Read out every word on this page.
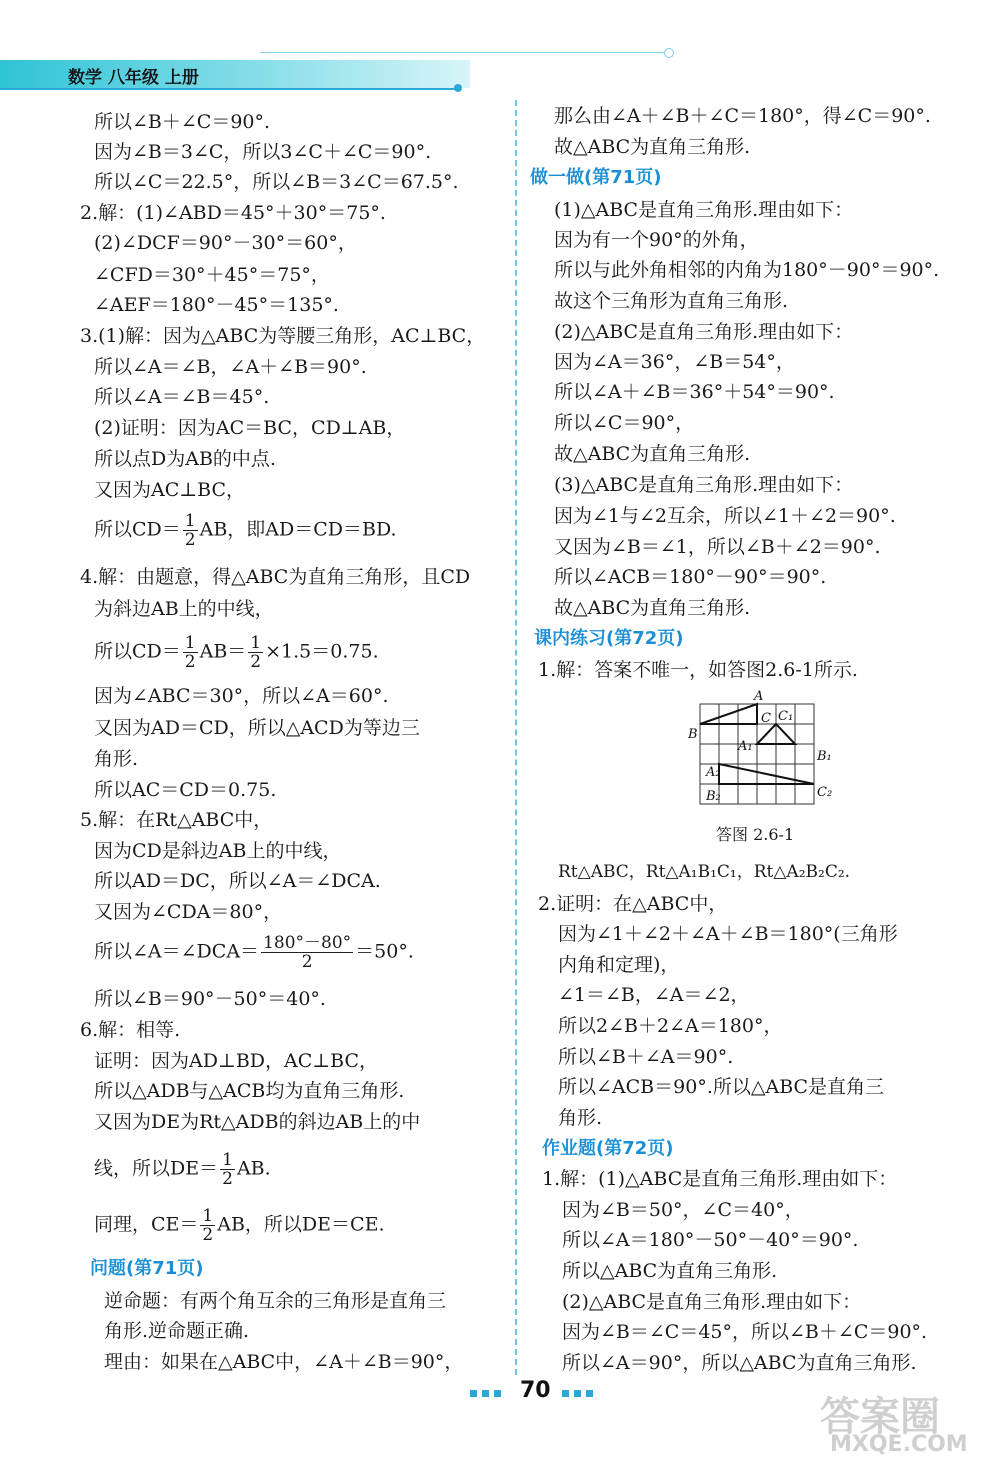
数学 八年级 上册
所以∠B＋∠C＝90°.
因为∠B＝3∠C，所以3∠C＋∠C＝90°.
所以∠C＝22.5°，所以∠B＝3∠C＝67.5°.
2.解：(1)∠ABD＝45°＋30°＝75°.
(2)∠DCF＝90°－30°＝60°，
∠CFD＝30°＋45°＝75°，
∠AEF＝180°－45°＝135°.
3.(1)解：因为△ABC为等腰三角形，AC⊥BC，
所以∠A＝∠B，∠A＋∠B＝90°.
所以∠A＝∠B＝45°.
(2)证明：因为AC＝BC，CD⊥AB，
所以点D为AB的中点.
又因为AC⊥BC，
所以$CD= \frac{1}{2}$ AB，即AD＝CD＝BD.
4.解：由题意，得△ABC为直角三角形，且CD
为斜边AB上的中线，
所以$CD= \frac{1}{2} AB= \frac{1}{2} \times 1.5=0.75$.
因为∠ABC＝30°，所以∠A＝60°.
又因为AD＝CD，所以△ACD为等边三
角形.
所以AC＝CD＝0.75.
5.解：在Rt△ABC中，
因为CD是斜边AB上的中线，
所以AD＝DC，所以∠A＝∠DCA.
又因为∠CDA＝80°，
所以∠A＝∠DCA＝ $\frac{180^\circ-80^\circ}{2} =50^\circ$.
所以∠B＝90°－50°＝40°.
6.解：相等.
证明：因为AD⊥BD，AC⊥BC，
所以△ADB与△ACB均为直角三角形.
又因为DE为Rt△ADB的斜边AB上的中
线，所以$DE= \frac{1}{2}$ AB.
同理，$CE= \frac{1}{2}$ AB，所以DE＝CE.
问题(第71页)
逆命题：有两个角互余的三角形是直角三
角形.逆命题正确.
理由：如果在△ABC中，∠A＋∠B＝90°，
那么由∠A＋∠B＋∠C＝180°，得∠C＝90°.
故△ABC为直角三角形.
做一做(第71页)
(1)△ABC是直角三角形.理由如下：
因为有一个90°的外角，
所以与此外角相邻的内角为180°－90°＝90°.
故这个三角形为直角三角形.
(2)△ABC是直角三角形.理由如下：
因为∠A＝36°，∠B＝54°，
所以∠A＋∠B＝36°＋54°＝90°.
所以∠C＝90°，
故△ABC为直角三角形.
(3)△ABC是直角三角形.理由如下：
因为∠1与∠2互余，所以∠1＋∠2＝90°.
又因为∠B＝∠1，所以∠B＋∠2＝90°.
所以∠ACB＝180°－90°＝90°.
故△ABC为直角三角形.
课内练习(第72页)
1.解：答案不唯一，如答图2.6-1所示.
Rt△ABC，Rt△A₁B₁C₁，Rt△A₂B₂C₂.
2.证明：在△ABC中，
因为∠1＋∠2＋∠A＋∠B＝180°(三角形
内角和定理)，
∠1＝∠B，∠A＝∠2，
所以2∠B＋2∠A＝180°，
所以∠B＋∠A＝90°.
所以∠ACB＝90°.所以△ABC是直角三
角形.
作业题(第72页)
1.解：(1)△ABC是直角三角形.理由如下：
因为∠B＝50°，∠C＝40°，
所以∠A＝180°－50°－40°＝90°.
所以△ABC为直角三角形.
(2)△ABC是直角三角形.理由如下：
因为∠B＝∠C＝45°，所以∠B＋∠C＝90°.
所以∠A＝90°，所以△ABC为直角三角形.
A
B
C C₁
A₁
B₁
A₂
B₂	C₂
答图 2.6-1
70
答案圈
MXQE.COM
